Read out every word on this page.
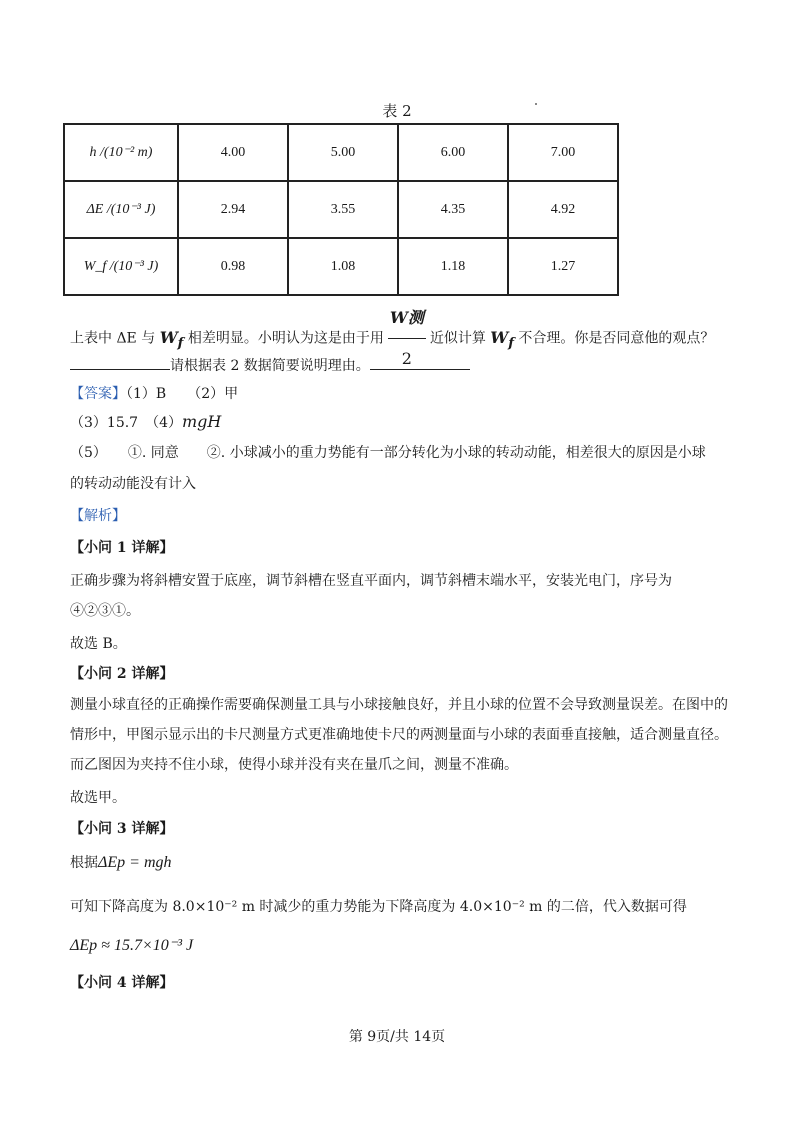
表 2
h /(10⁻² m)	4.00	5.00	6.00	7.00
ΔE /(10⁻³ J)	2.94	3.55	4.35	4.92
W_f /(10⁻³ J)	0.98	1.08	1.18	1.27
上表中 ΔE 与 $W_f$ 相差明显。小明认为这是由于用 $\frac{\text{W测}}{2}$ 近似计算 $W_f$ 不合理。你是否同意他的观点？
请根据表 2 数据简要说明理由。
【答案】（1）B　　（2）甲
（3）15.7　（4）mgH
（5）　　①. 同意　　②. 小球减小的重力势能有一部分转化为小球的转动动能，相差很大的原因是小球
的转动动能没有计入
【解析】
【小问 1 详解】
正确步骤为将斜槽安置于底座，调节斜槽在竖直平面内，调节斜槽末端水平，安装光电门，序号为④②③①。
故选 B。
【小问 2 详解】
测量小球直径的正确操作需要确保测量工具与小球接触良好，并且小球的位置不会导致测量误差。在图中的情形中，甲图示显示出的卡尺测量方式更准确地使卡尺的两测量面与小球的表面垂直接触，适合测量直径。而乙图因为夹持不住小球，使得小球并没有夹在量爪之间，测量不准确。
故选甲。
【小问 3 详解】
根据ΔEp = mgh
可知下降高度为 8.0×10⁻² m 时减少的重力势能为下降高度为 4.0×10⁻² m 的二倍，代入数据可得
ΔEp ≈ 15.7×10⁻³ J
【小问 4 详解】
第 9页/共 14页
